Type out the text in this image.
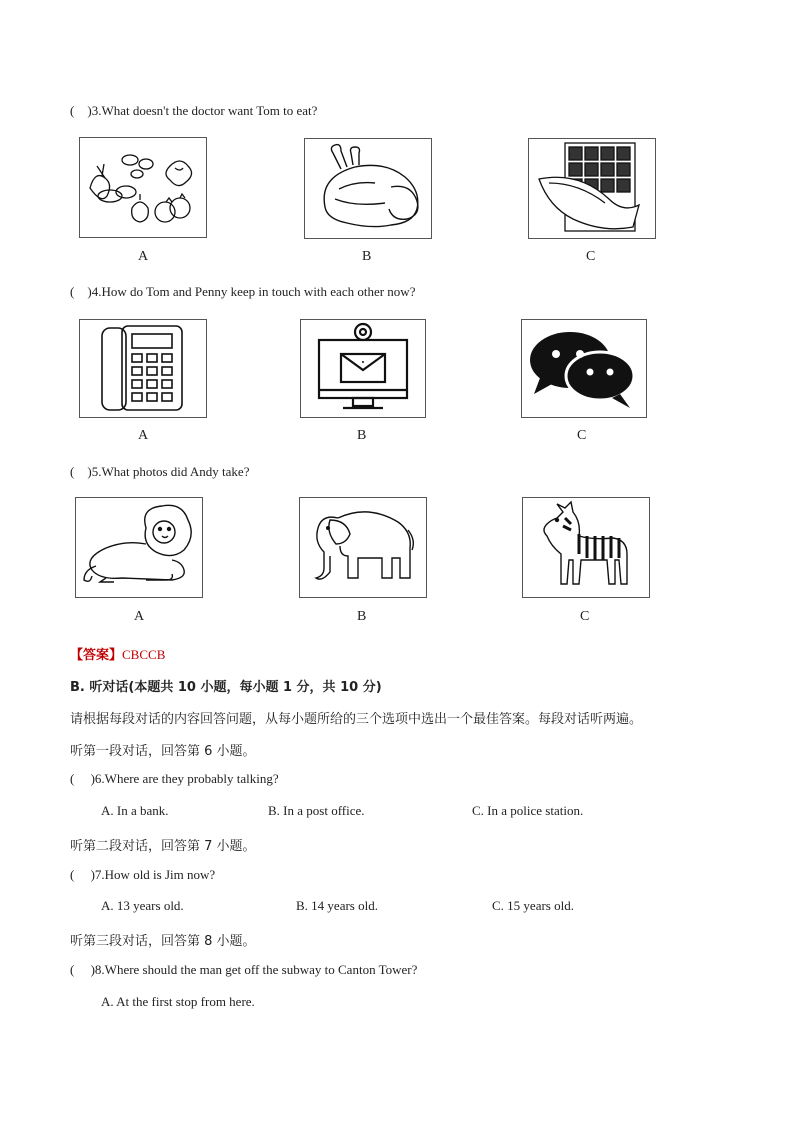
( )3.What doesn't the doctor want Tom to eat?
A	B	C
( )4.How do Tom and Penny keep in touch with each other now?
A	B	C
( )5.What photos did Andy take?
A	B	C
【答案】CBCCB
B. 听对话(本题共 10 小题，每小题 1 分，共 10 分)
请根据每段对话的内容回答问题，从每小题所给的三个选项中选出一个最佳答案。每段对话听两遍。
听第一段对话，回答第 6 小题。
(     )6.Where are they probably talking?
A. In a bank.	B. In a post office.	C. In a police station.
听第二段对话，回答第 7 小题。
(     )7.How old is Jim now?
A. 13 years old.	B. 14 years old.	C. 15 years old.
听第三段对话，回答第 8 小题。
(     )8.Where should the man get off the subway to Canton Tower?
A. At the first stop from here.
